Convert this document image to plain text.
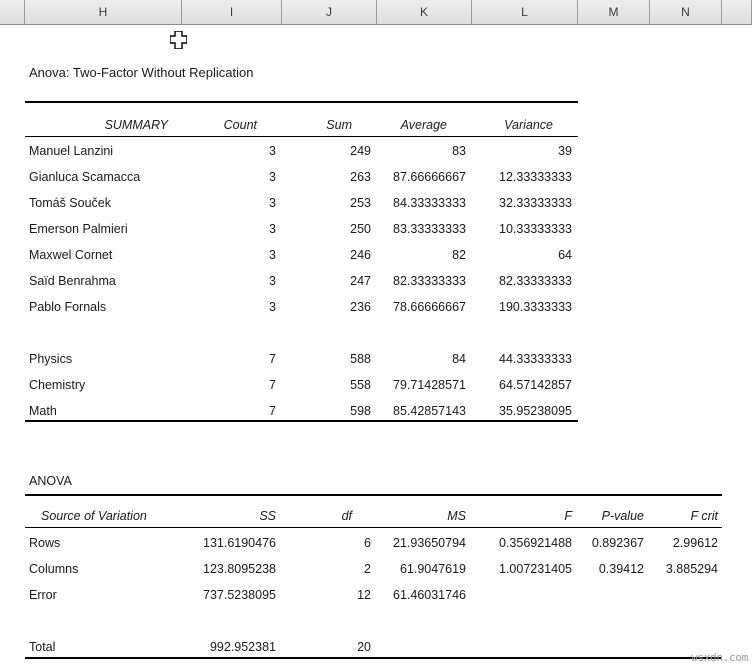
H	I	J	K	L	M	N
Anova: Two-Factor Without Replication
SUMMARY	Count	Sum	Average	Variance
Manuel Lanzini	3	249	83	39
Gianluca Scamacca	3	263	87.66666667	12.33333333
Tomáš Souček	3	253	84.33333333	32.33333333
Emerson Palmieri	3	250	83.33333333	10.33333333
Maxwel Cornet	3	246	82	64
Saïd Benrahma	3	247	82.33333333	82.33333333
Pablo Fornals	3	236	78.66666667	190.3333333
Physics	7	588	84	44.33333333
Chemistry	7	558	79.71428571	64.57142857
Math	7	598	85.42857143	35.95238095
ANOVA
Source of Variation	SS	df	MS	F	P-value	F crit
Rows	131.6190476	6	21.93650794	0.356921488	0.892367	2.99612
Columns	123.8095238	2	61.9047619	1.007231405	0.39412	3.885294
Error	737.5238095	12	61.46031746
Total	992.952381	20
wsxdn.com
